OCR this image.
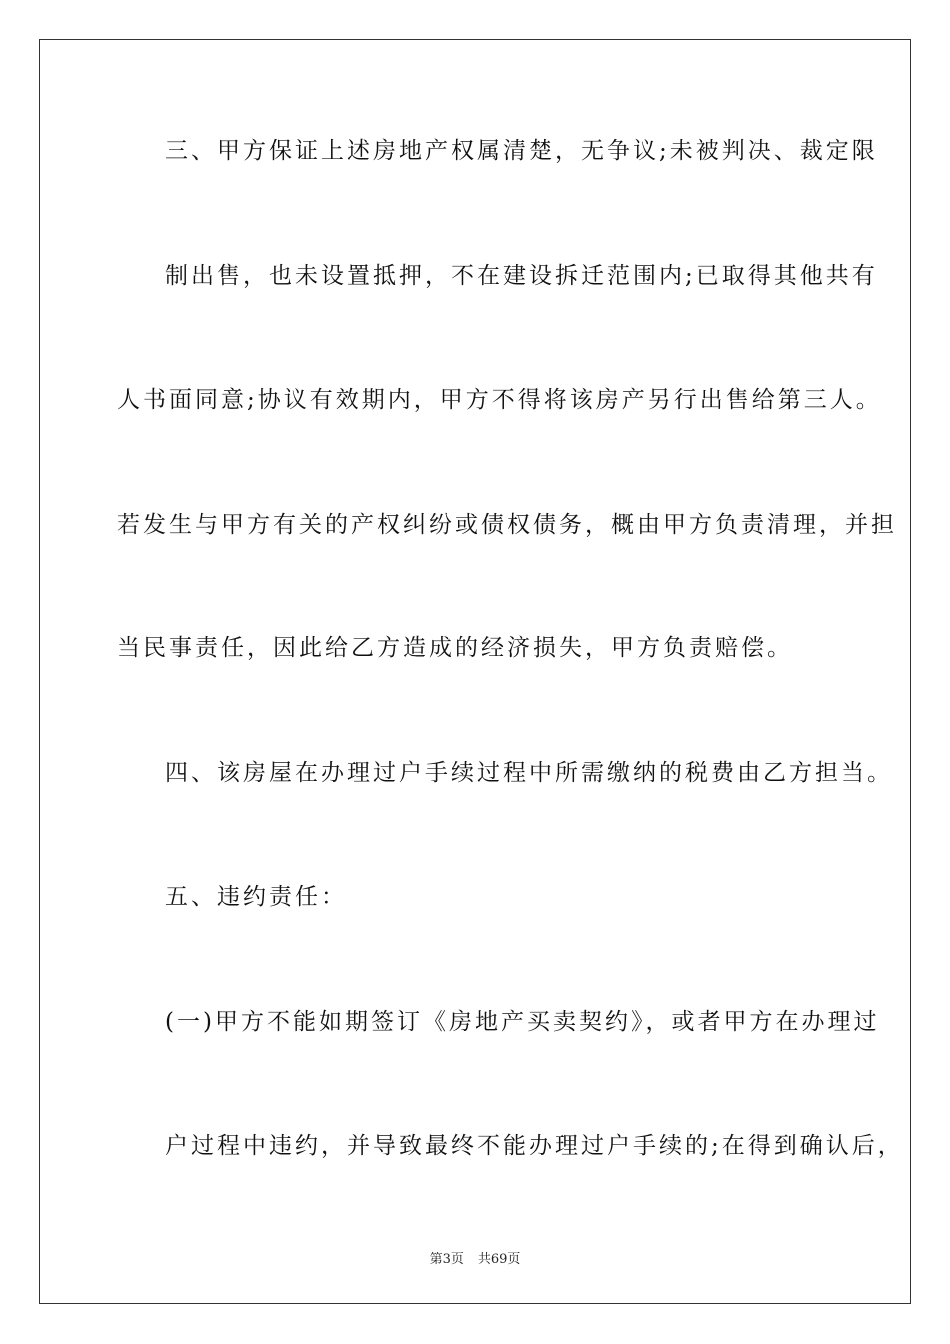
三、甲方保证上述房地产权属清楚，无争议;未被判决、裁定限
制出售，也未设置抵押，不在建设拆迁范围内;已取得其他共有
人书面同意;协议有效期内，甲方不得将该房产另行出售给第三人。
若发生与甲方有关的产权纠纷或债权债务，概由甲方负责清理，并担
当民事责任，因此给乙方造成的经济损失，甲方负责赔偿。
四、该房屋在办理过户手续过程中所需缴纳的税费由乙方担当。
五、违约责任：
(一)甲方不能如期签订《房地产买卖契约》，或者甲方在办理过
户过程中违约，并导致最终不能办理过户手续的;在得到确认后，
第3页 共69页
